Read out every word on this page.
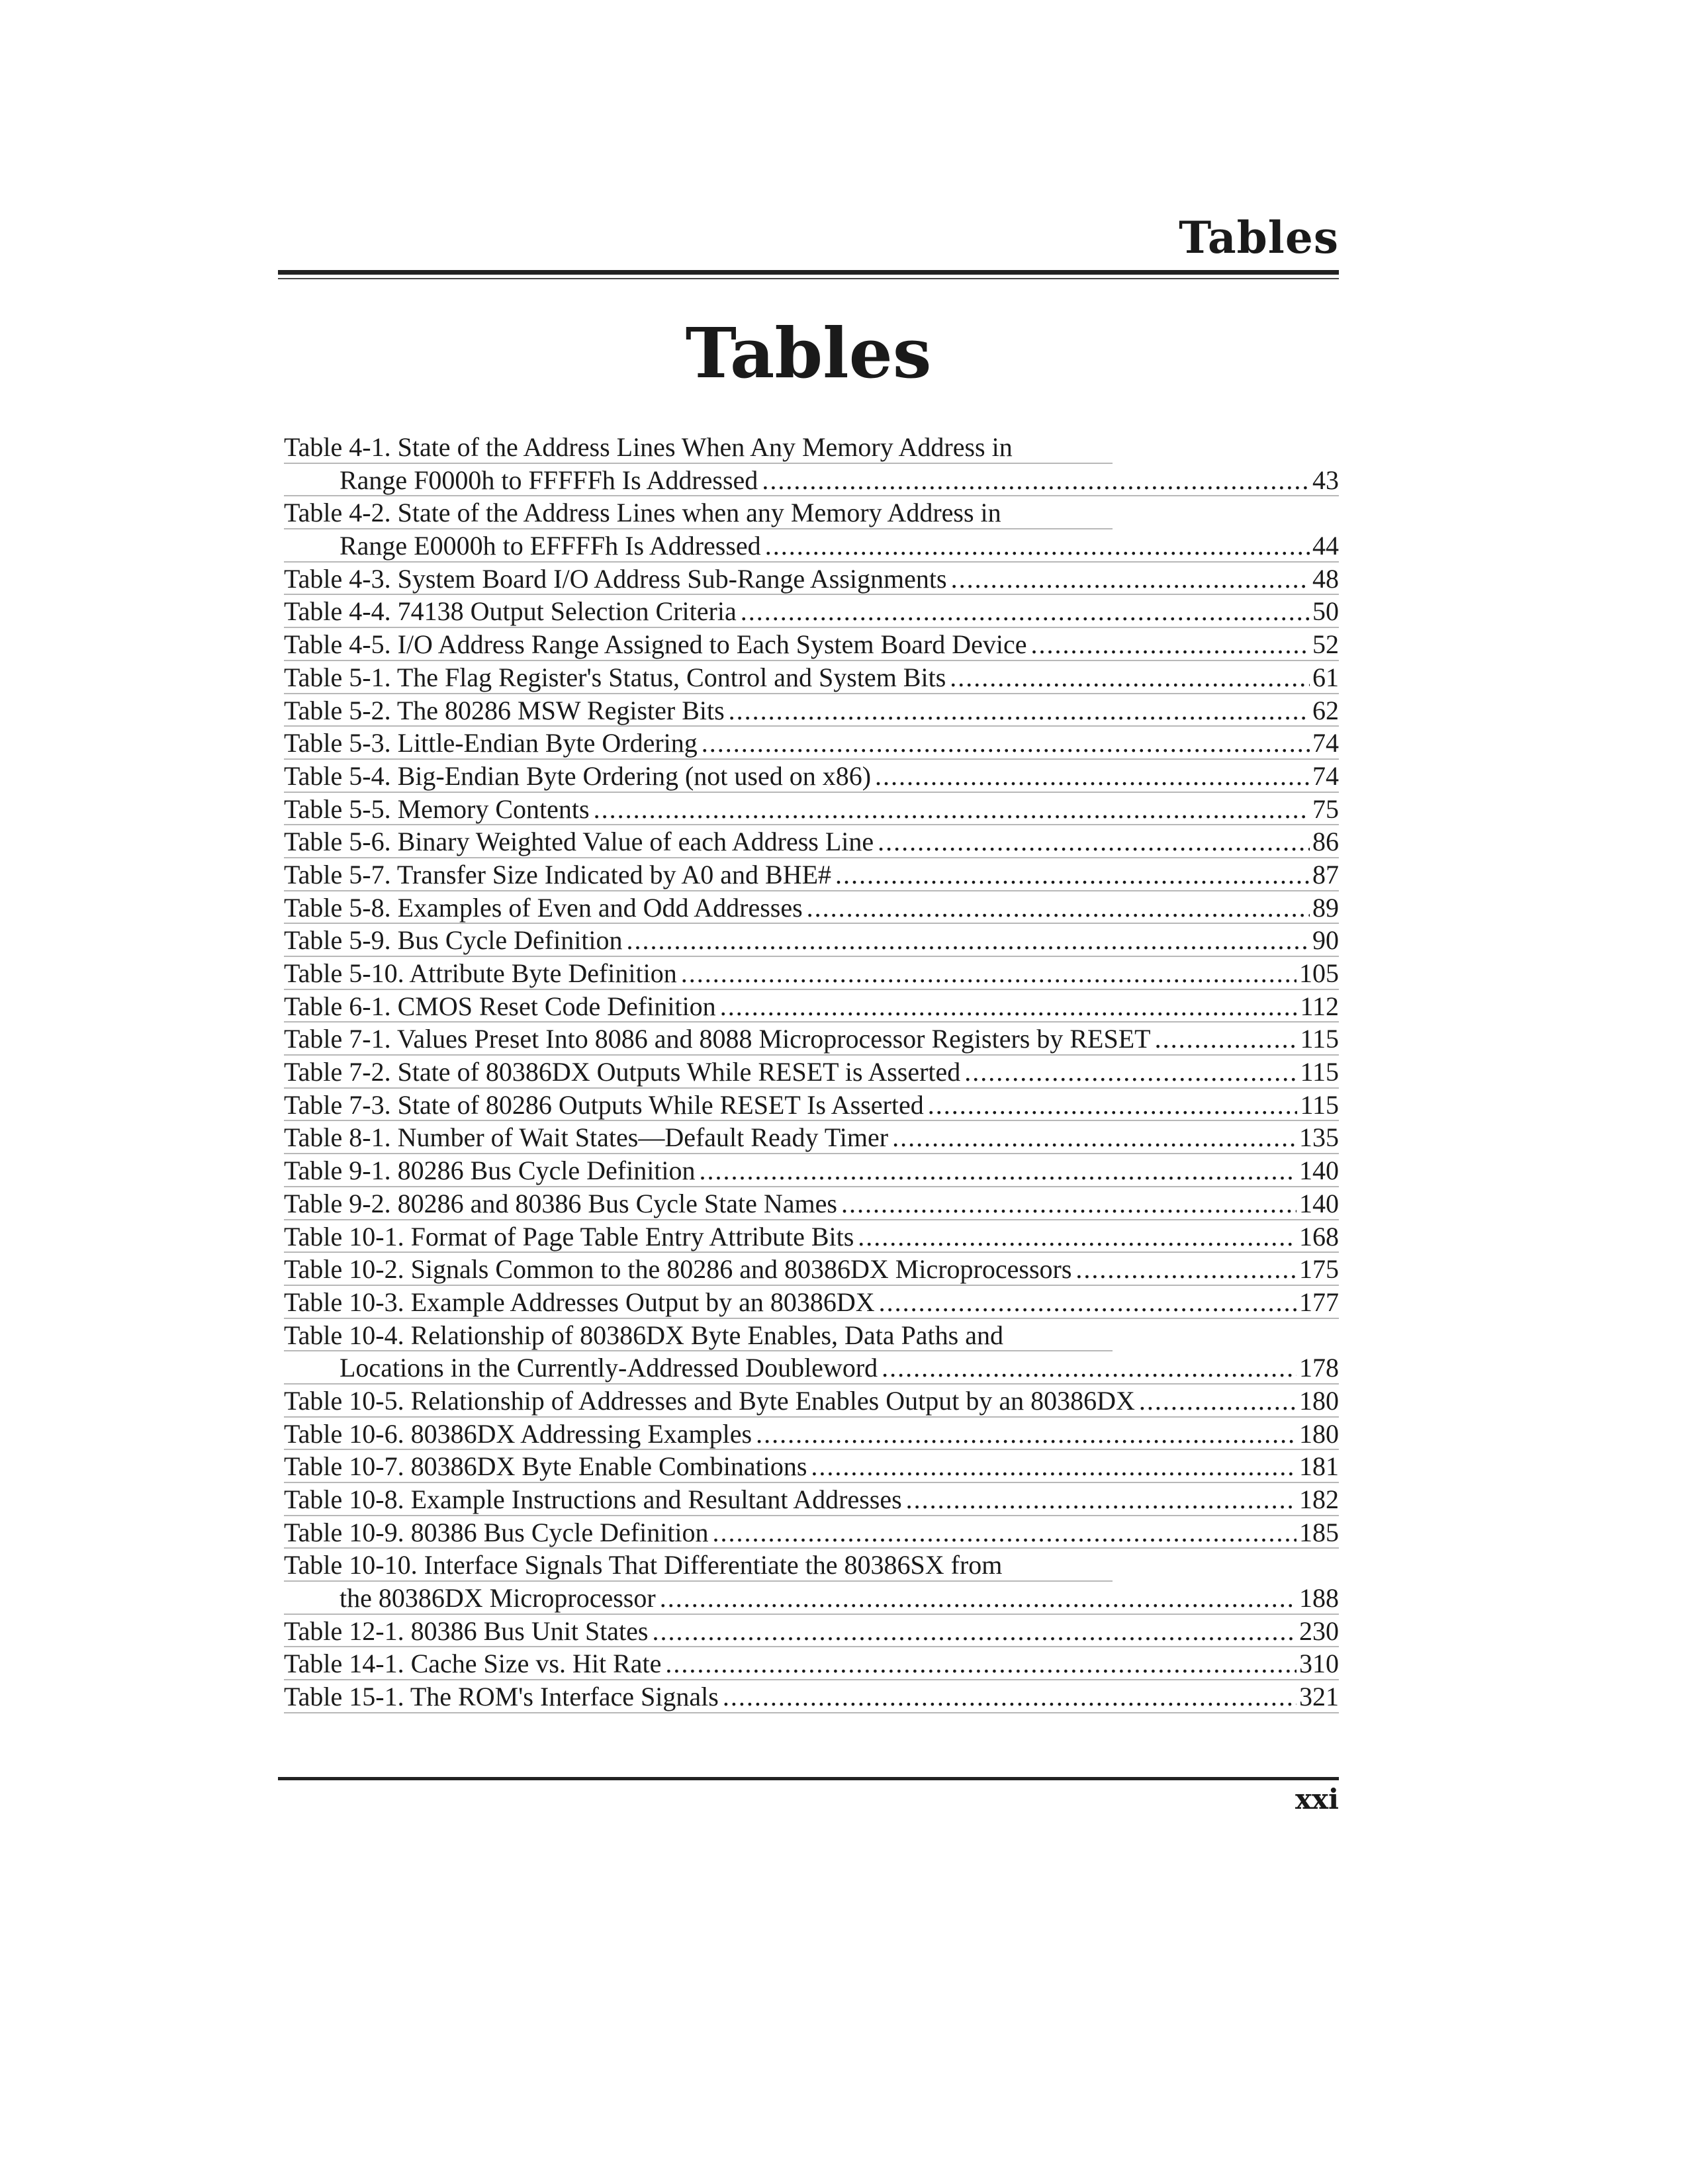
Tables
Tables
Table 4-1. State of the Address Lines When Any Memory Address in
Range F0000h to FFFFFh Is Addressed .....	43
Table 4-2. State of the Address Lines when any Memory Address in
Range E0000h to EFFFFh Is Addressed .....	44
Table 4-3. System Board I/O Address Sub-Range Assignments .....	48
Table 4-4. 74138 Output Selection Criteria .....	50
Table 4-5. I/O Address Range Assigned to Each System Board Device .....	52
Table 5-1. The Flag Register's Status, Control and System Bits .....	61
Table 5-2. The 80286 MSW Register Bits .....	62
Table 5-3. Little-Endian Byte Ordering .....	74
Table 5-4. Big-Endian Byte Ordering (not used on x86) .....	74
Table 5-5. Memory Contents .....	75
Table 5-6. Binary Weighted Value of each Address Line .....	86
Table 5-7. Transfer Size Indicated by A0 and BHE# .....	87
Table 5-8. Examples of Even and Odd Addresses .....	89
Table 5-9. Bus Cycle Definition .....	90
Table 5-10. Attribute Byte Definition .....	105
Table 6-1. CMOS Reset Code Definition .....	112
Table 7-1. Values Preset Into 8086 and 8088 Microprocessor Registers by RESET .....	115
Table 7-2. State of 80386DX Outputs While RESET is Asserted .....	115
Table 7-3. State of 80286 Outputs While RESET Is Asserted .....	115
Table 8-1. Number of Wait States—Default Ready Timer .....	135
Table 9-1. 80286 Bus Cycle Definition .....	140
Table 9-2. 80286 and 80386 Bus Cycle State Names .....	140
Table 10-1. Format of Page Table Entry Attribute Bits .....	168
Table 10-2. Signals Common to the 80286 and 80386DX Microprocessors .....	175
Table 10-3. Example Addresses Output by an 80386DX .....	177
Table 10-4. Relationship of 80386DX Byte Enables, Data Paths and
Locations in the Currently-Addressed Doubleword .....	178
Table 10-5. Relationship of Addresses and Byte Enables Output by an 80386DX .....	180
Table 10-6. 80386DX Addressing Examples .....	180
Table 10-7. 80386DX Byte Enable Combinations .....	181
Table 10-8. Example Instructions and Resultant Addresses .....	182
Table 10-9. 80386 Bus Cycle Definition .....	185
Table 10-10. Interface Signals That Differentiate the 80386SX from
the 80386DX Microprocessor .....	188
Table 12-1. 80386 Bus Unit States .....	230
Table 14-1. Cache Size vs. Hit Rate .....	310
Table 15-1. The ROM's Interface Signals .....	321
xxi
